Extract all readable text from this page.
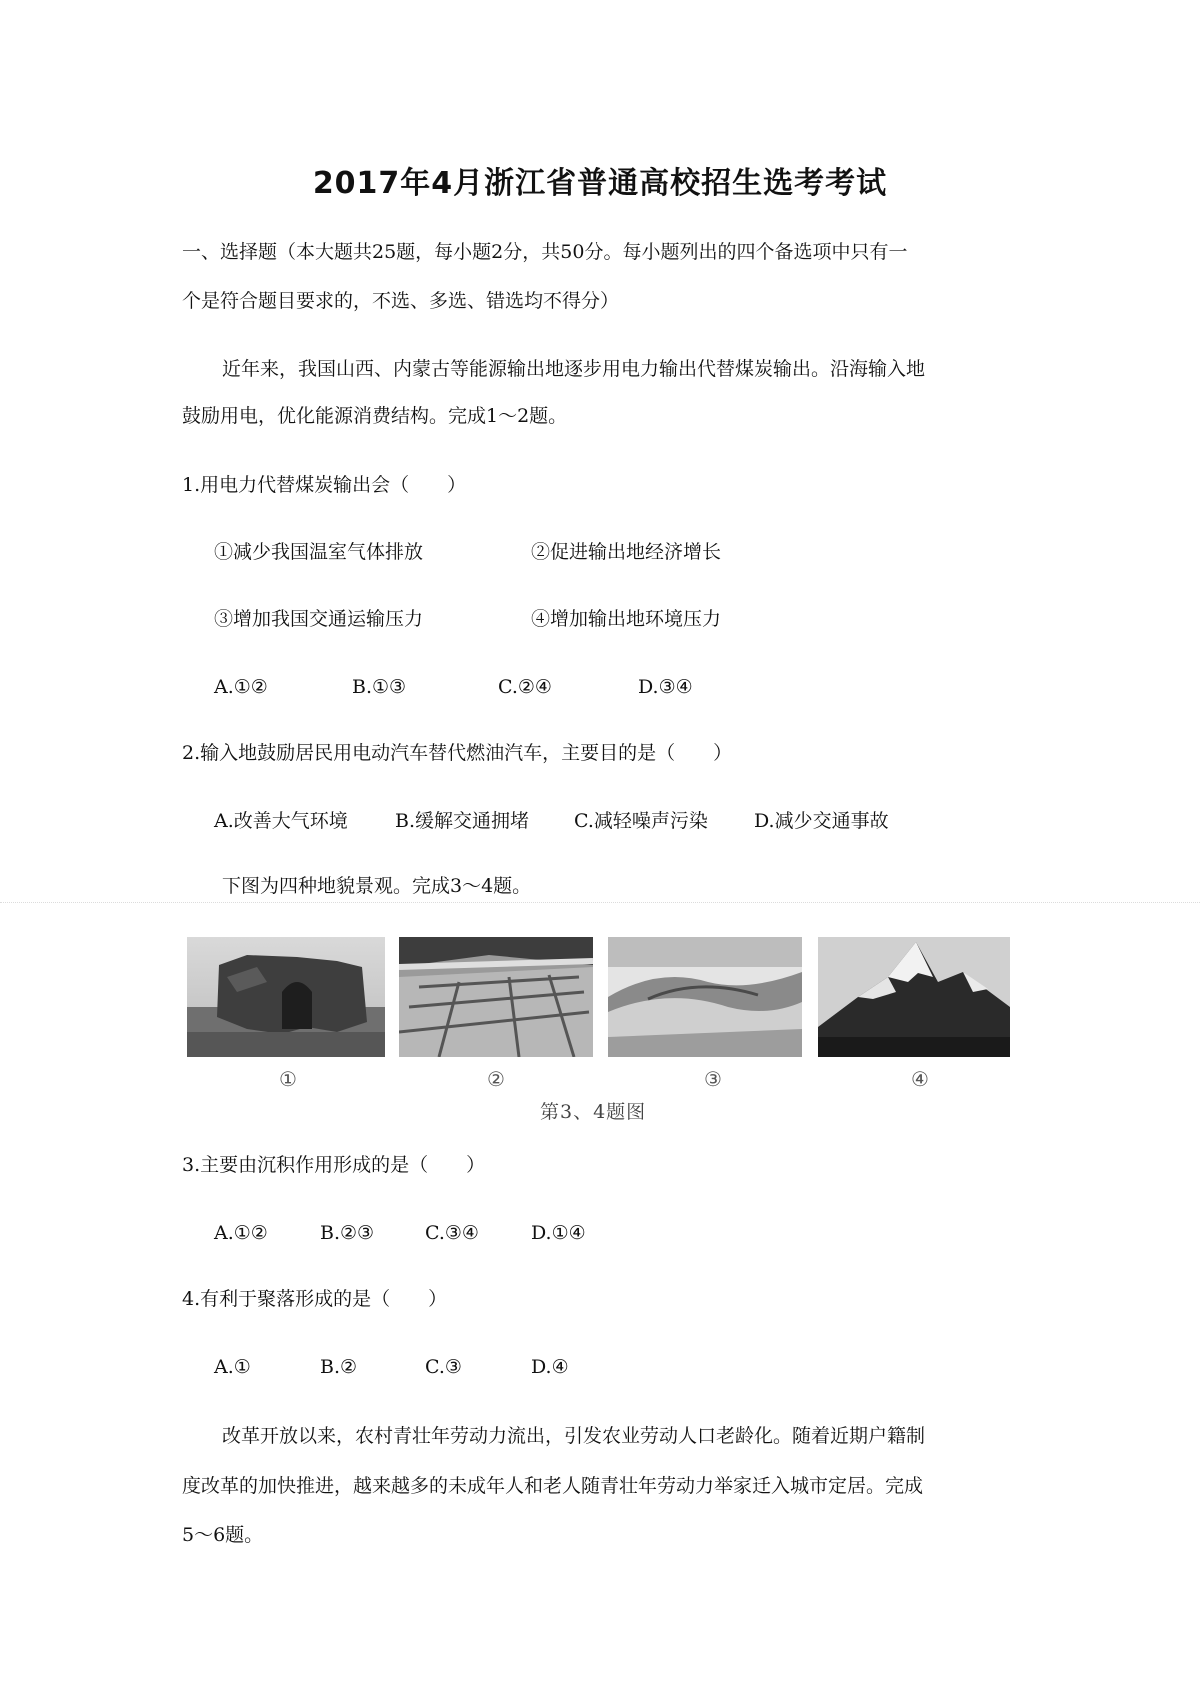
2017年4月浙江省普通高校招生选考考试
一、选择题（本大题共25题，每小题2分，共50分。每小题列出的四个备选项中只有一
个是符合题目要求的，不选、多选、错选均不得分）
近年来，我国山西、内蒙古等能源输出地逐步用电力输出代替煤炭输出。沿海输入地
鼓励用电，优化能源消费结构。完成1～2题。
1.用电力代替煤炭输出会（　　）
①减少我国温室气体排放	②促进输出地经济增长
③增加我国交通运输压力	④增加输出地环境压力
A.①②	B.①③	C.②④	D.③④
2.输入地鼓励居民用电动汽车替代燃油汽车，主要目的是（　　）
A.改善大气环境 B.缓解交通拥堵 C.减轻噪声污染 D.减少交通事故
下图为四种地貌景观。完成3～4题。
①	②	③	④
第3、4题图
3.主要由沉积作用形成的是（　　）
A.①②	B.②③	C.③④	D.①④
4.有利于聚落形成的是（　　）
A.①	B.②	C.③	D.④
改革开放以来，农村青壮年劳动力流出，引发农业劳动人口老龄化。随着近期户籍制
度改革的加快推进，越来越多的未成年人和老人随青壮年劳动力举家迁入城市定居。完成
5～6题。
